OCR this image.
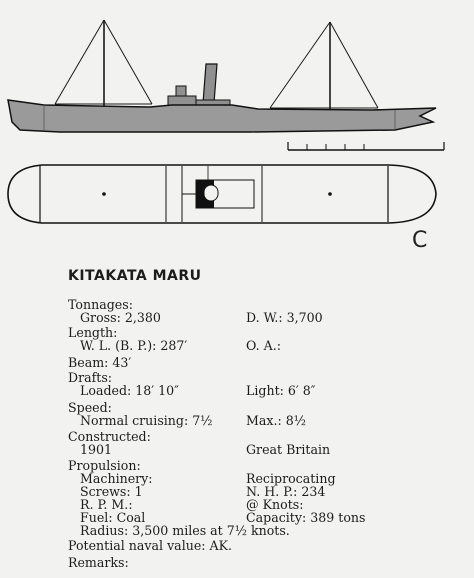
C
KITAKATA MARU
Tonnages:
Gross: 2,380	D. W.: 3,700
Length:
W. L. (B. P.): 287′	O. A.:
Beam: 43′
Drafts:
Loaded: 18′ 10″	Light: 6′ 8″
Speed:
Normal cruising: 7½	Max.: 8½
Constructed:
1901	Great Britain
Propulsion:
Machinery:	Reciprocating
Screws: 1	N. H. P.: 234
R. P. M.:	@ Knots:
Fuel: Coal	Capacity: 389 tons
Radius: 3,500 miles at 7½ knots.
Potential naval value: AK.
Remarks:
